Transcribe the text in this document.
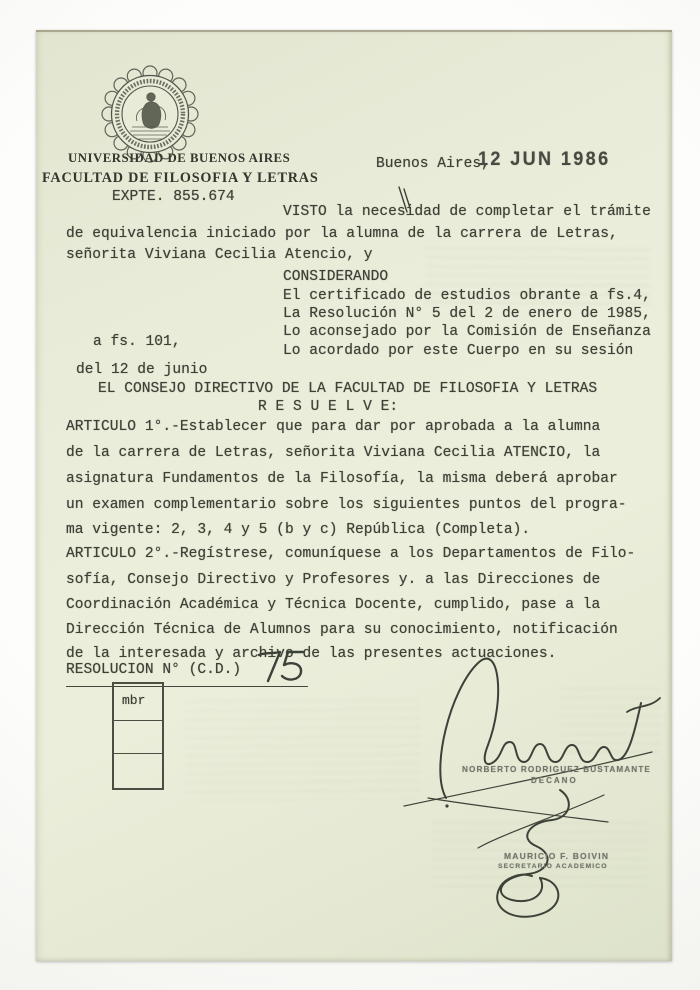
UNIVERSIDAD DE BUENOS AIRES
FACULTAD DE FILOSOFIA Y LETRAS
EXPTE. 855.674
Buenos Aires,
12 JUN 1986
VISTO la necesidad de completar el trámite
de equivalencia iniciado por la alumna de la carrera de Letras,
señorita Viviana Cecilia Atencio, y
CONSIDERANDO
El certificado de estudios obrante a fs.4,
La Resolución N° 5 del 2 de enero de 1985,
Lo aconsejado por la Comisión de Enseñanza
a fs. 101,
Lo acordado por este Cuerpo en su sesión
del 12 de junio
EL CONSEJO DIRECTIVO DE LA FACULTAD DE FILOSOFIA Y LETRAS
R E S U E L V E:
ARTICULO 1°.-Establecer que para dar por aprobada a la alumna
de la carrera de Letras, señorita Viviana Cecilia ATENCIO, la
asignatura Fundamentos de la Filosofía, la misma deberá aprobar
un examen complementario sobre los siguientes puntos del progra-
ma vigente: 2, 3, 4 y 5 (b y c) República (Completa).
ARTICULO 2°.-Regístrese, comuníquese a los Departamentos de Filo-
sofía, Consejo Directivo y Profesores y. a las Direcciones de
Coordinación Académica y Técnica Docente, cumplido, pase a la
Dirección Técnica de Alumnos para su conocimiento, notificación
de la interesada y archivo de las presentes actuaciones.
RESOLUCION N° (C.D.)
mbr
NORBERTO RODRIGUEZ BUSTAMANTE
DECANO
MAURICIO F. BOIVIN
SECRETARIO ACADEMICO
